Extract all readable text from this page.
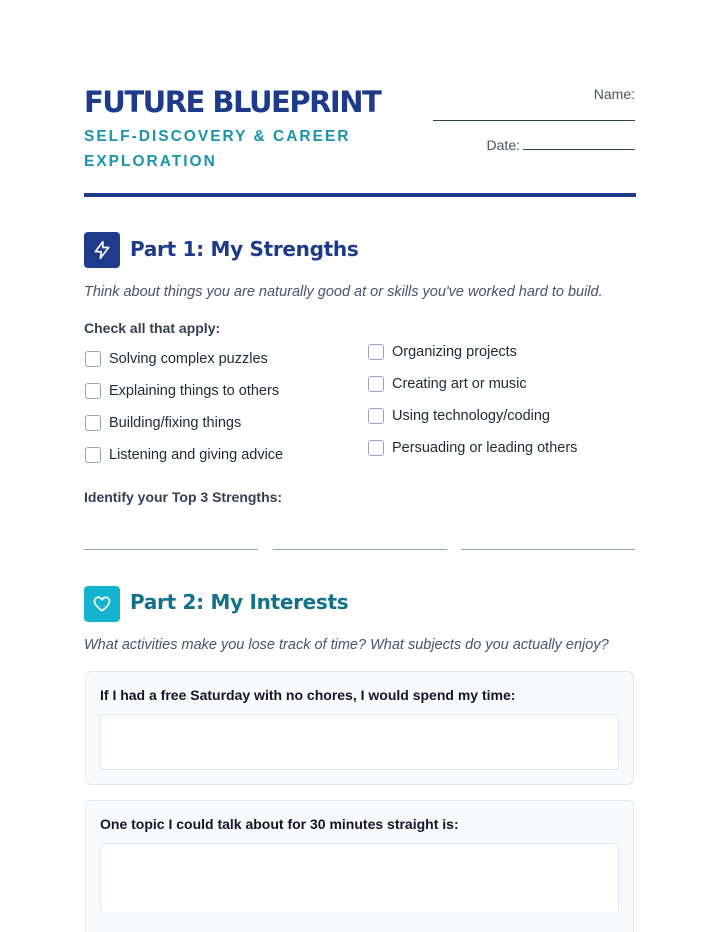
FUTURE BLUEPRINT
SELF-DISCOVERY & CAREER EXPLORATION
Name:
Date:
Part 1: My Strengths
Think about things you are naturally good at or skills you've worked hard to build.
Check all that apply:
Solving complex puzzles
Explaining things to others
Building/fixing things
Listening and giving advice
Organizing projects
Creating art or music
Using technology/coding
Persuading or leading others
Identify your Top 3 Strengths:
Part 2: My Interests
What activities make you lose track of time? What subjects do you actually enjoy?
If I had a free Saturday with no chores, I would spend my time:
One topic I could talk about for 30 minutes straight is:
